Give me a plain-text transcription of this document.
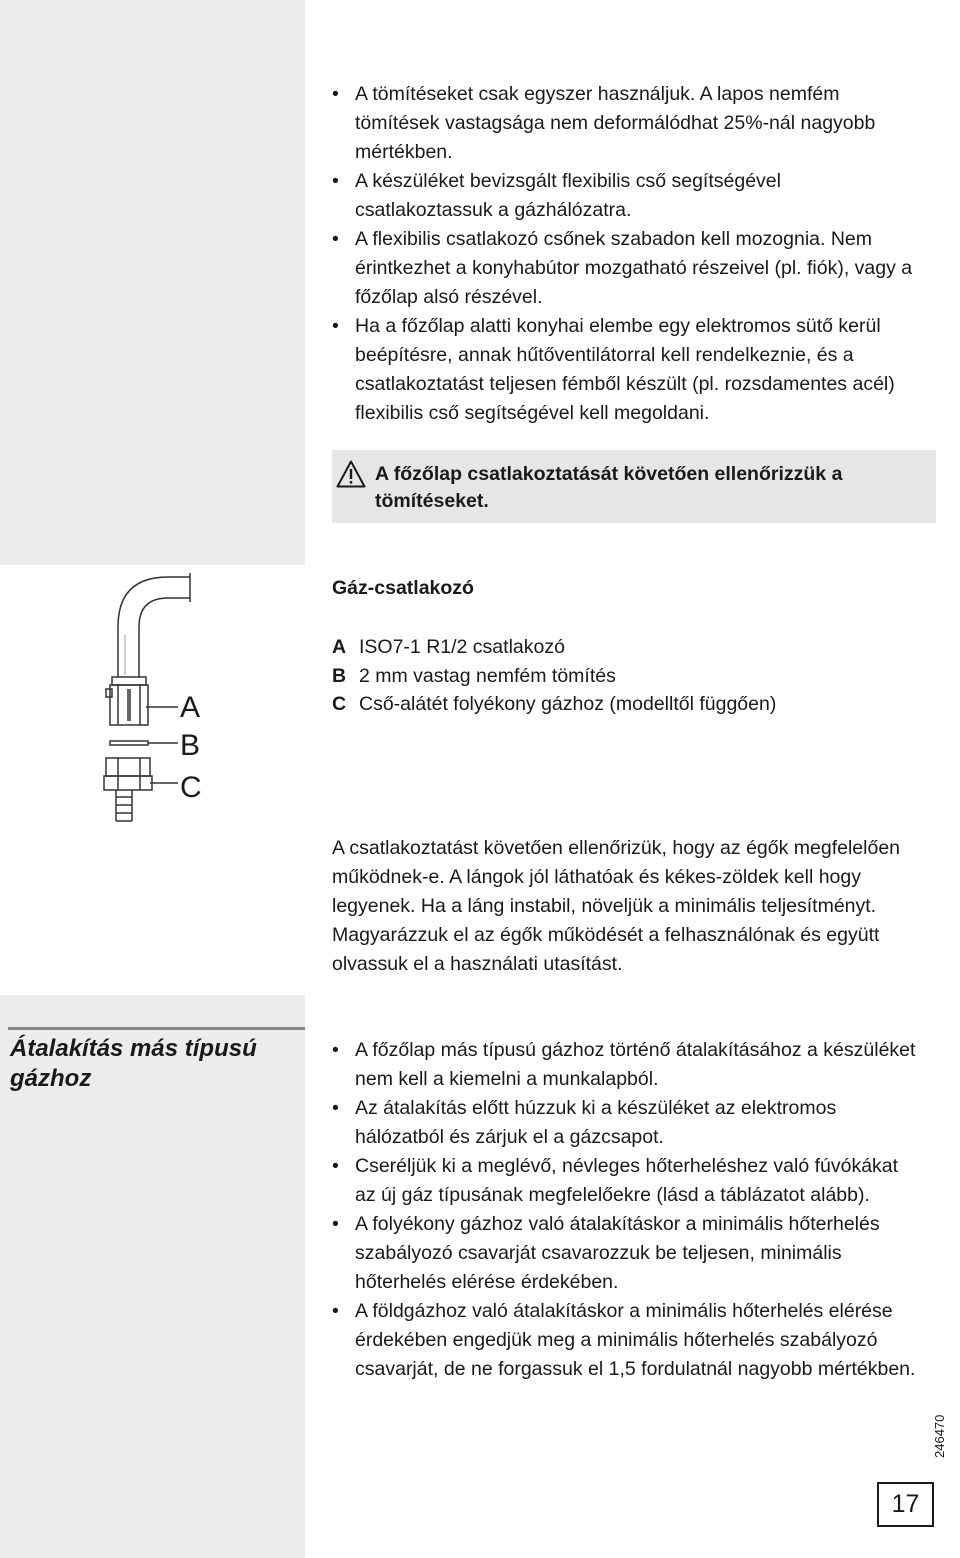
• A tömítéseket csak egyszer használjuk. A lapos nemfém tömítések vastagsága nem deformálódhat 25%-nál nagyobb mértékben.
• A készüléket bevizsgált flexibilis cső segítségével csatlakoztassuk a gázhálózatra.
• A flexibilis csatlakozó csőnek szabadon kell mozognia. Nem érintkezhet a konyhabútor mozgatható részeivel (pl. fiók), vagy a főzőlap alsó részével.
• Ha a főzőlap alatti konyhai elembe egy elektromos sütő kerül beépítésre, annak hűtőventilátorral kell rendelkeznie, és a csatlakoztatást teljesen fémből készült (pl. rozsdamentes acél) flexibilis cső segítségével kell megoldani.
A főzőlap csatlakoztatását követően ellenőrizzük a tömítéseket.
A
B
C
Gáz-csatlakozó
A ISO7-1 R1/2 csatlakozó
B 2 mm vastag nemfém tömítés
C Cső-alátét folyékony gázhoz (modelltől függően)
A csatlakoztatást követően ellenőrizük, hogy az égők megfelelően működnek-e. A lángok jól láthatóak és kékes-zöldek kell hogy legyenek. Ha a láng instabil, növeljük a minimális teljesítményt. Magyarázzuk el az égők működését a felhasználónak és együtt olvassuk el a használati utasítást.
Átalakítás más típusú gázhoz
• A főzőlap más típusú gázhoz történő átalakításához a készüléket nem kell a kiemelni a munkalapból.
• Az átalakítás előtt húzzuk ki a készüléket az elektromos hálózatból és zárjuk el a gázcsapot.
• Cseréljük ki a meglévő, névleges hőterheléshez való fúvókákat az új gáz típusának megfelelőekre (lásd a táblázatot alább).
• A folyékony gázhoz való átalakításkor a minimális hőterhelés szabályozó csavarját csavarozzuk be teljesen, minimális hőterhelés elérése érdekében.
• A földgázhoz való átalakításkor a minimális hőterhelés elérése érdekében engedjük meg a minimális hőterhelés szabályozó csavarját, de ne forgassuk el 1,5 fordulatnál nagyobb mértékben.
246470
17
